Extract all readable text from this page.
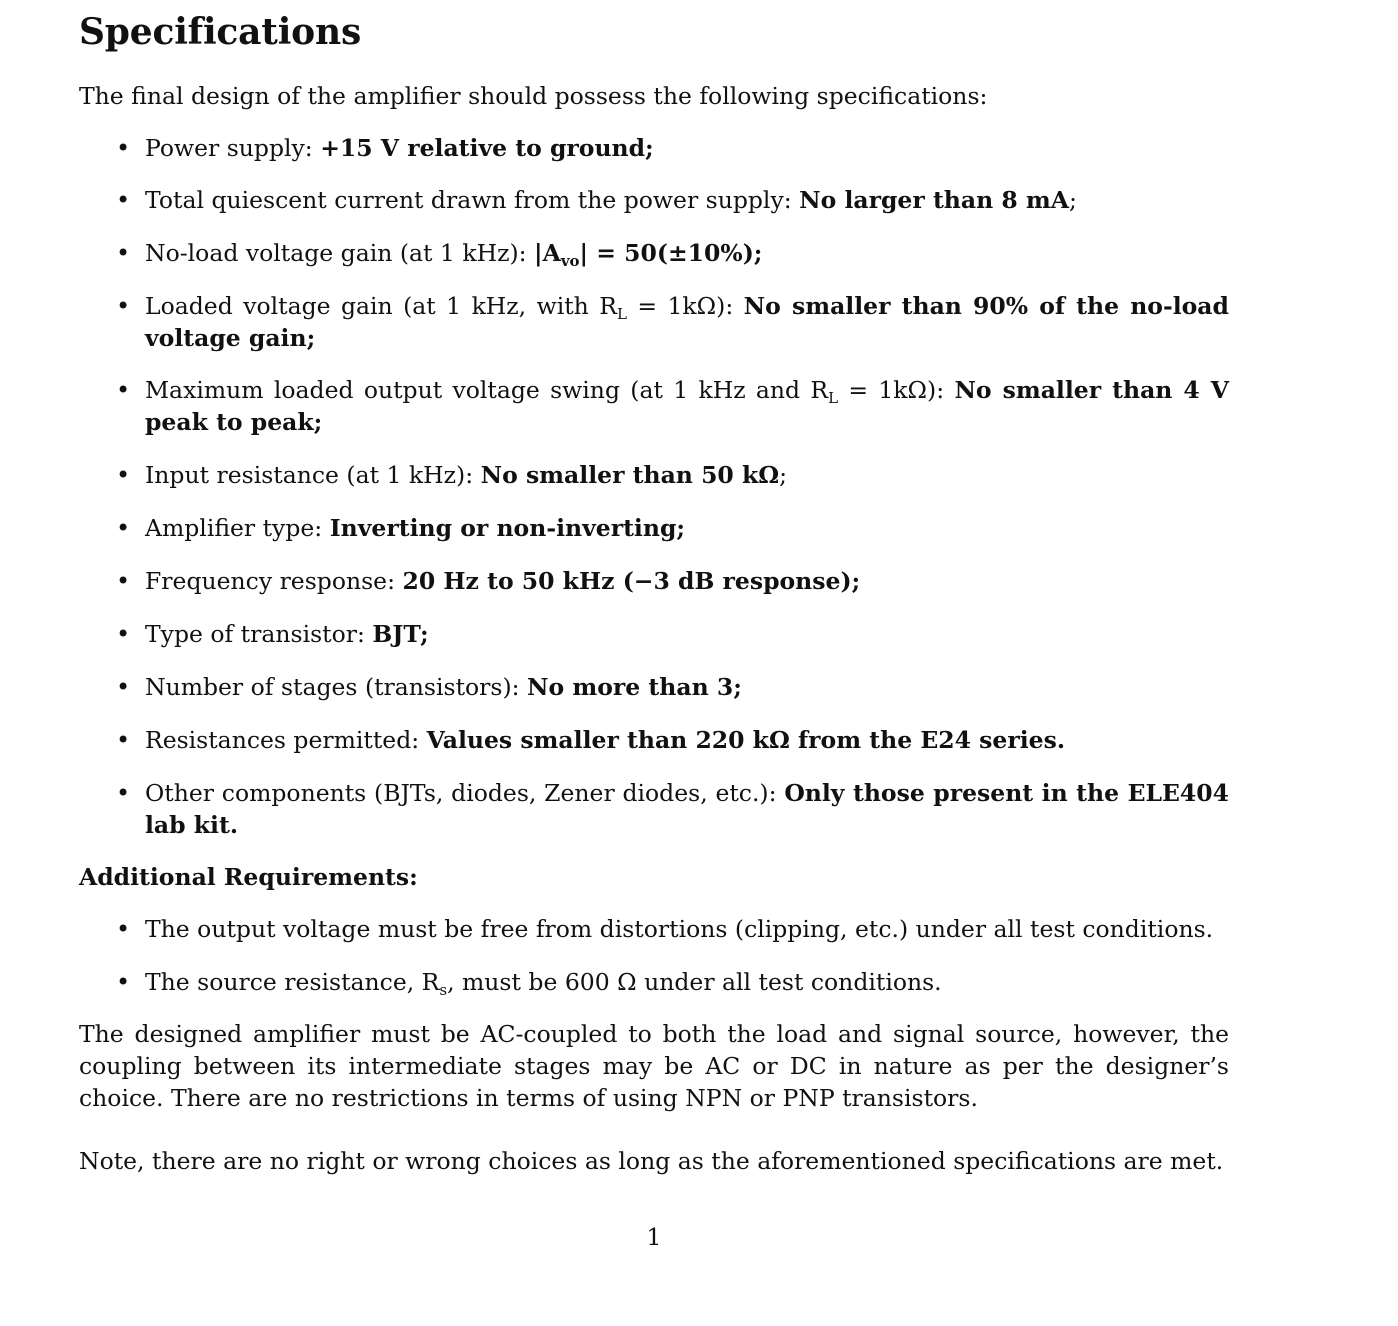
Specifications

The final design of the amplifier should possess the following specifications:

• Power supply: +15 V relative to ground;
• Total quiescent current drawn from the power supply: No larger than 8 mA;
• No-load voltage gain (at 1 kHz): $|A_{vo}| = 50(\pm 10\%)$;
• Loaded voltage gain (at 1 kHz, with $R_L = 1k\Omega$): No smaller than 90% of the no-load voltage gain;
• Maximum loaded output voltage swing (at 1 kHz and $R_L = 1k\Omega$): No smaller than 4 V peak to peak;
• Input resistance (at 1 kHz): No smaller than 50 kΩ;
• Amplifier type: Inverting or non-inverting;
• Frequency response: 20 Hz to 50 kHz (−3 dB response);
• Type of transistor: BJT;
• Number of stages (transistors): No more than 3;
• Resistances permitted: Values smaller than 220 kΩ from the E24 series.
• Other components (BJTs, diodes, Zener diodes, etc.): Only those present in the ELE404 lab kit.

Additional Requirements:

• The output voltage must be free from distortions (clipping, etc.) under all test conditions.
• The source resistance, $R_s$, must be 600 Ω under all test conditions.

The designed amplifier must be AC-coupled to both the load and signal source, however, the coupling between its intermediate stages may be AC or DC in nature as per the designer’s choice. There are no restrictions in terms of using NPN or PNP transistors.

Note, there are no right or wrong choices as long as the aforementioned specifications are met.

1
